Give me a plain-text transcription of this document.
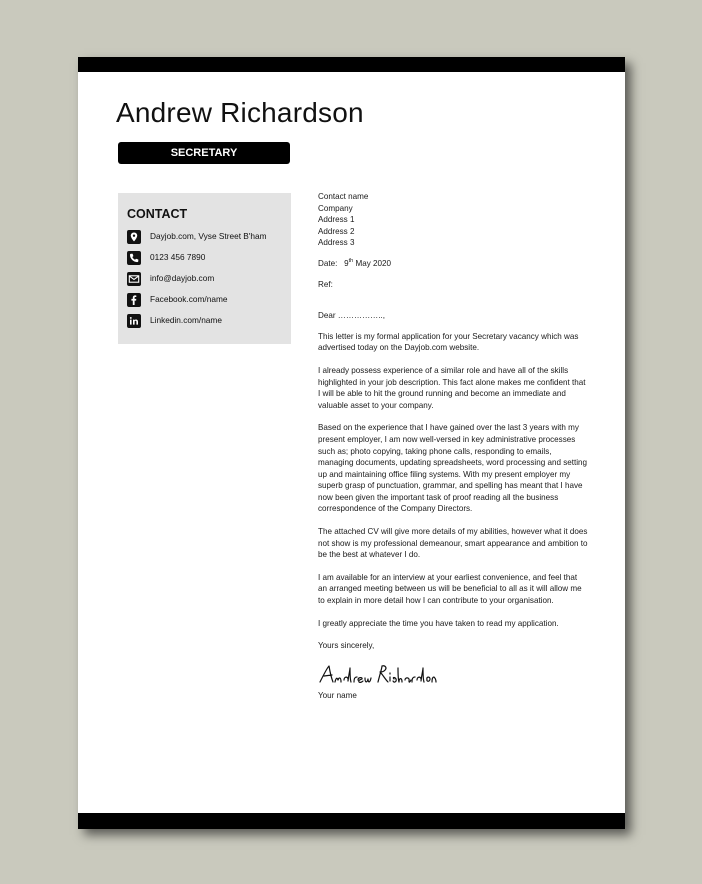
Andrew Richardson
SECRETARY
CONTACT
Dayjob.com, Vyse Street B'ham
0123 456 7890
info@dayjob.com
Facebook.com/name
Linkedin.com/name
Contact name
Company
Address 1
Address 2
Address 3
Date: 9th May 2020
Ref:
Dear ……………..,

This letter is my formal application for your Secretary vacancy which was advertised today on the Dayjob.com website.

I already possess experience of a similar role and have all of the skills highlighted in your job description. This fact alone makes me confident that I will be able to hit the ground running and become an immediate and valuable asset to your company.

Based on the experience that I have gained over the last 3 years with my present employer, I am now well-versed in key administrative processes such as; photo copying, taking phone calls, responding to emails, managing documents, updating spreadsheets, word processing and setting up and maintaining office filing systems. With my present employer my superb grasp of punctuation, grammar, and spelling has meant that I have now been given the important task of proof reading all the business correspondence of the Company Directors.

The attached CV will give more details of my abilities, however what it does not show is my professional demeanour, smart appearance and ambition to be the best at whatever I do.

I am available for an interview at your earliest convenience, and feel that an arranged meeting between us will be beneficial to all as it will allow me to explain in more detail how I can contribute to your organisation.

I greatly appreciate the time you have taken to read my application.

Yours sincerely,
Your name
